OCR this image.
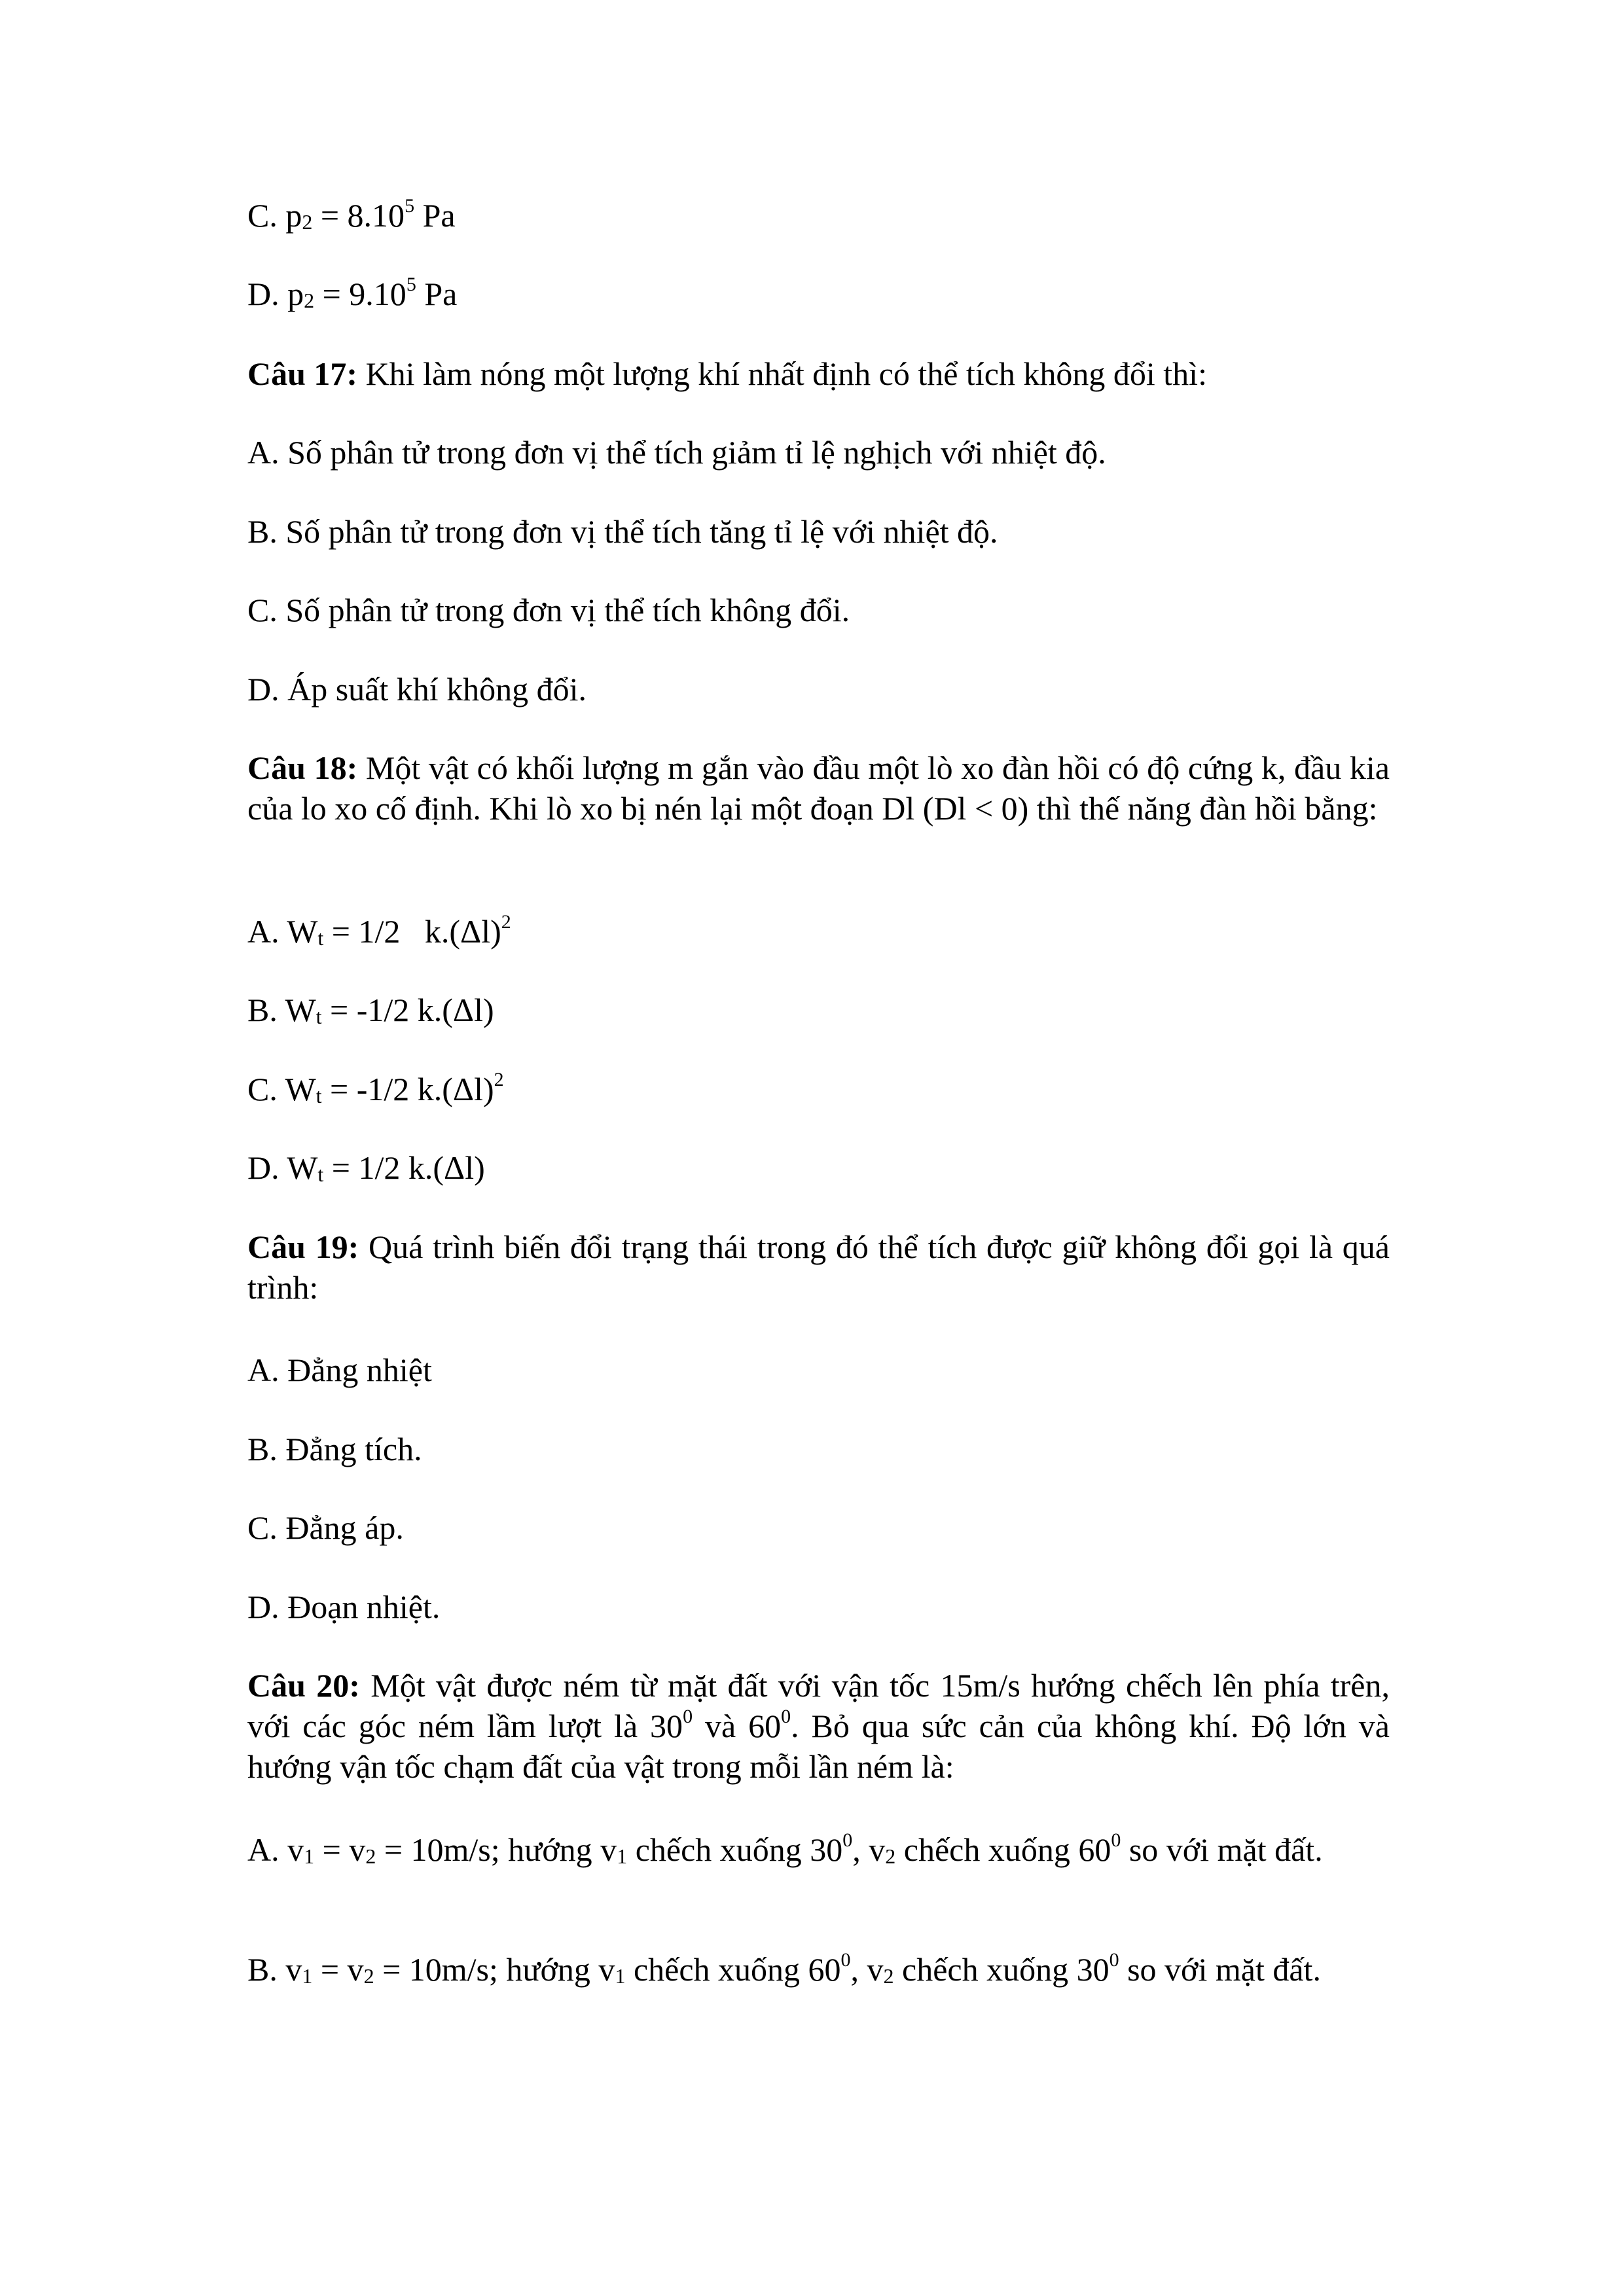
C. $p_2 = 8.10^5$ Pa

D. $p_2 = 9.10^5$ Pa

Câu 17: Khi làm nóng một lượng khí nhất định có thể tích không đổi thì:

A. Số phân tử trong đơn vị thể tích giảm tỉ lệ nghịch với nhiệt độ.

B. Số phân tử trong đơn vị thể tích tăng tỉ lệ với nhiệt độ.

C. Số phân tử trong đơn vị thể tích không đổi.

D. Áp suất khí không đổi.

Câu 18: Một vật có khối lượng m gắn vào đầu một lò xo đàn hồi có độ cứng k, đầu kia của lo xo cố định. Khi lò xo bị nén lại một đoạn Dl (Dl < 0) thì thế năng đàn hồi bằng:

A. $W_t = 1/2$   $k.(\Delta l)^2$

B. $W_t = -1/2$ k.(Δl)

C. $W_t = -1/2$ $k.(\Delta l)^2$

D. $W_t = 1/2$ k.(Δl)

Câu 19: Quá trình biến đổi trạng thái trong đó thể tích được giữ không đổi gọi là quá trình:

A. Đẳng nhiệt

B. Đẳng tích.

C. Đẳng áp.

D. Đoạn nhiệt.

Câu 20: Một vật được ném từ mặt đất với vận tốc 15m/s hướng chếch lên phía trên, với các góc ném lầm lượt là $30^0$ và $60^0$. Bỏ qua sức cản của không khí. Độ lớn và hướng vận tốc chạm đất của vật trong mỗi lần ném là:

A. $v_1 = v_2 = 10m/s$; hướng $v_1$ chếch xuống $30^0$, $v_2$ chếch xuống $60^0$ so với mặt đất.

B. $v_1 = v_2 = 10m/s$; hướng $v_1$ chếch xuống $60^0$, $v_2$ chếch xuống $30^0$ so với mặt đất.
